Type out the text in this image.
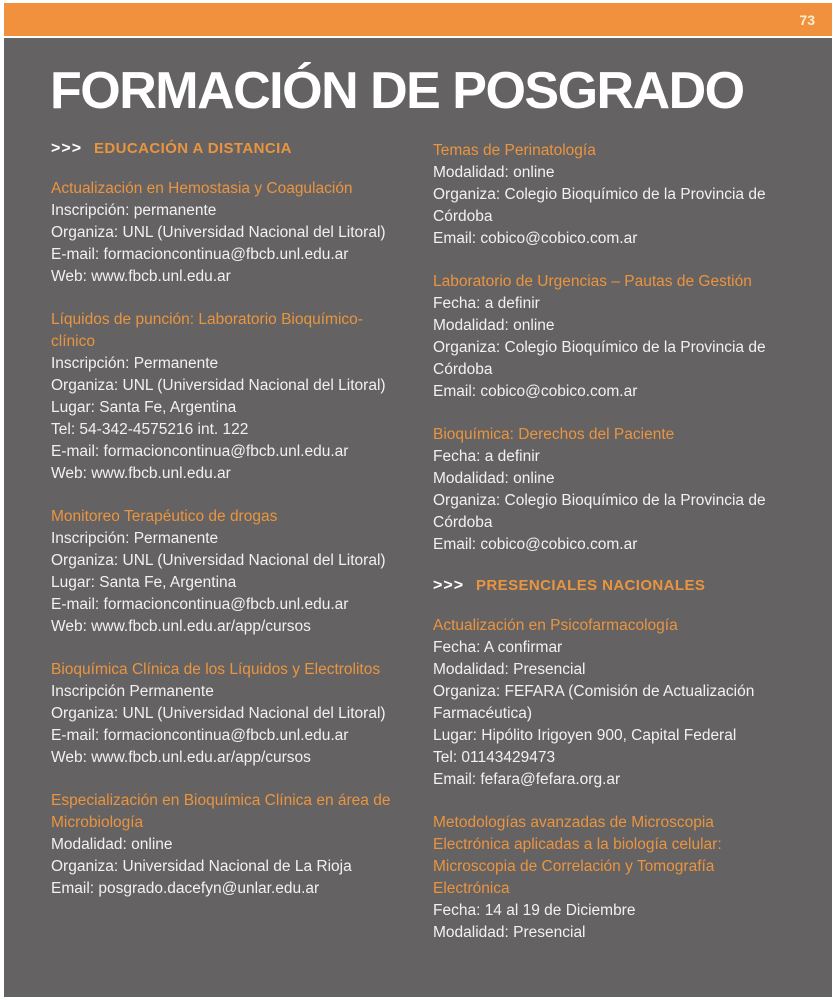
73
FORMACIÓN DE POSGRADO
>>> EDUCACIÓN A DISTANCIA
Actualización en Hemostasia y Coagulación
Inscripción: permanente
Organiza: UNL (Universidad Nacional del Litoral)
E-mail: formacioncontinua@fbcb.unl.edu.ar
Web: www.fbcb.unl.edu.ar
Líquidos de punción: Laboratorio Bioquímico-
clínico
Inscripción: Permanente
Organiza: UNL (Universidad Nacional del Litoral)
Lugar: Santa Fe, Argentina
Tel: 54-342-4575216 int. 122
E-mail: formacioncontinua@fbcb.unl.edu.ar
Web: www.fbcb.unl.edu.ar
Monitoreo Terapéutico de drogas
Inscripción: Permanente
Organiza: UNL (Universidad Nacional del Litoral)
Lugar: Santa Fe, Argentina
E-mail: formacioncontinua@fbcb.unl.edu.ar
Web: www.fbcb.unl.edu.ar/app/cursos
Bioquímica Clínica de los Líquidos y Electrolitos
Inscripción Permanente
Organiza: UNL (Universidad Nacional del Litoral)
E-mail: formacioncontinua@fbcb.unl.edu.ar
Web: www.fbcb.unl.edu.ar/app/cursos
Especialización en Bioquímica Clínica en área de
Microbiología
Modalidad: online
Organiza: Universidad Nacional de La Rioja
Email: posgrado.dacefyn@unlar.edu.ar
Temas de Perinatología
Modalidad: online
Organiza: Colegio Bioquímico de la Provincia de Córdoba
Email: cobico@cobico.com.ar
Laboratorio de Urgencias – Pautas de Gestión
Fecha: a definir
Modalidad: online
Organiza: Colegio Bioquímico de la Provincia de Córdoba
Email: cobico@cobico.com.ar
Bioquímica: Derechos del Paciente
Fecha: a definir
Modalidad: online
Organiza: Colegio Bioquímico de la Provincia de Córdoba
Email: cobico@cobico.com.ar
>>> PRESENCIALES NACIONALES
Actualización en Psicofarmacología
Fecha: A confirmar
Modalidad: Presencial
Organiza: FEFARA (Comisión de Actualización Farmacéutica)
Lugar: Hipólito Irigoyen 900, Capital Federal
Tel: 01143429473
Email: fefara@fefara.org.ar
Metodologías avanzadas de Microscopia
Electrónica aplicadas a la biología celular:
Microscopia de Correlación y Tomografía
Electrónica
Fecha: 14 al 19 de Diciembre
Modalidad: Presencial
